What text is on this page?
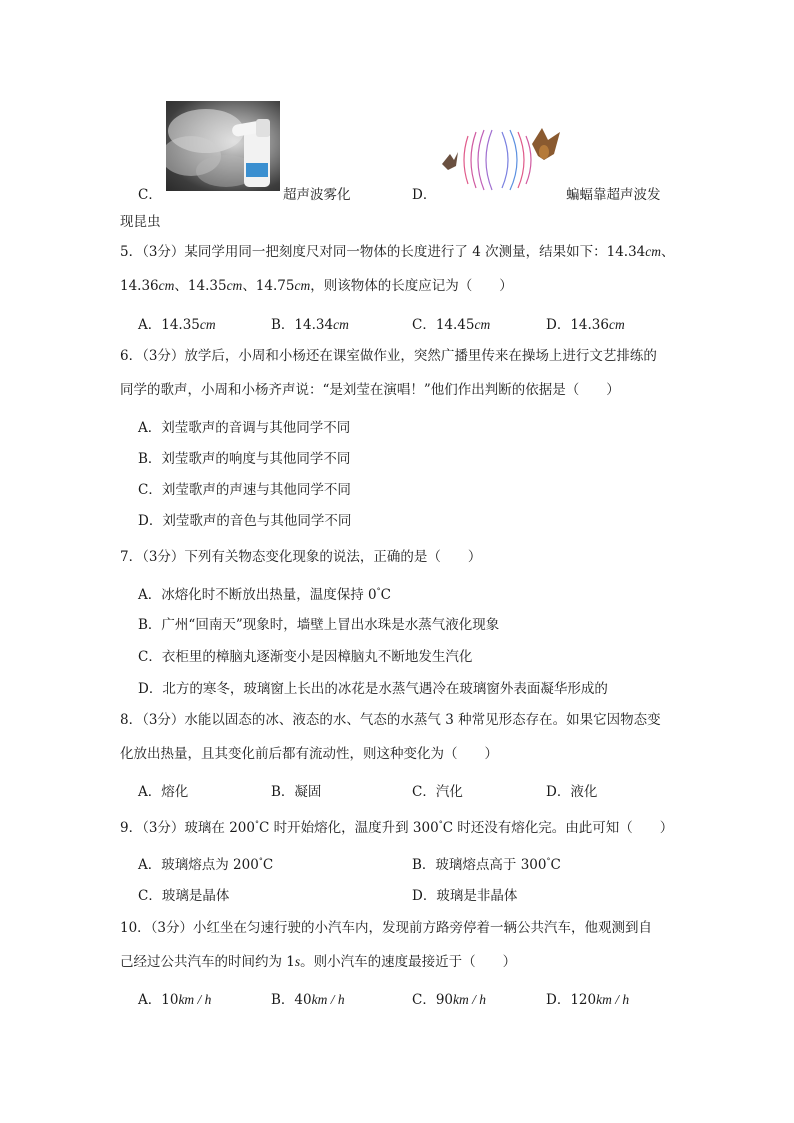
C．	超声波雾化	D．	蝙蝠靠超声波发
现昆虫
5．（3分）某同学用同一把刻度尺对同一物体的长度进行了 4 次测量，结果如下：14.34cm、
14.36cm、14.35cm、14.75cm，则该物体的长度应记为（　　）
A．14.35cm	B．14.34cm	C．14.45cm	D．14.36cm
6．（3分）放学后，小周和小杨还在课室做作业，突然广播里传来在操场上进行文艺排练的
同学的歌声，小周和小杨齐声说：“是刘莹在演唱！”他们作出判断的依据是（　　）
A．刘莹歌声的音调与其他同学不同
B．刘莹歌声的响度与其他同学不同
C．刘莹歌声的声速与其他同学不同
D．刘莹歌声的音色与其他同学不同
7．（3分）下列有关物态变化现象的说法，正确的是（　　）
A．冰熔化时不断放出热量，温度保持 0°C
B．广州“回南天”现象时，墙壁上冒出水珠是水蒸气液化现象
C．衣柜里的樟脑丸逐渐变小是因樟脑丸不断地发生汽化
D．北方的寒冬，玻璃窗上长出的冰花是水蒸气遇冷在玻璃窗外表面凝华形成的
8．（3分）水能以固态的冰、液态的水、气态的水蒸气 3 种常见形态存在。如果它因物态变
化放出热量，且其变化前后都有流动性，则这种变化为（　　）
A．熔化	B．凝固	C．汽化	D．液化
9．（3分）玻璃在 200°C 时开始熔化，温度升到 300°C 时还没有熔化完。由此可知（　　）
A．玻璃熔点为 200°C	B．玻璃熔点高于 300°C
C．玻璃是晶体	D．玻璃是非晶体
10．（3分）小红坐在匀速行驶的小汽车内，发现前方路旁停着一辆公共汽车，他观测到自
己经过公共汽车的时间约为 1s。则小汽车的速度最接近于（　　）
A．10km / h	B．40km / h	C．90km / h	D．120km / h
